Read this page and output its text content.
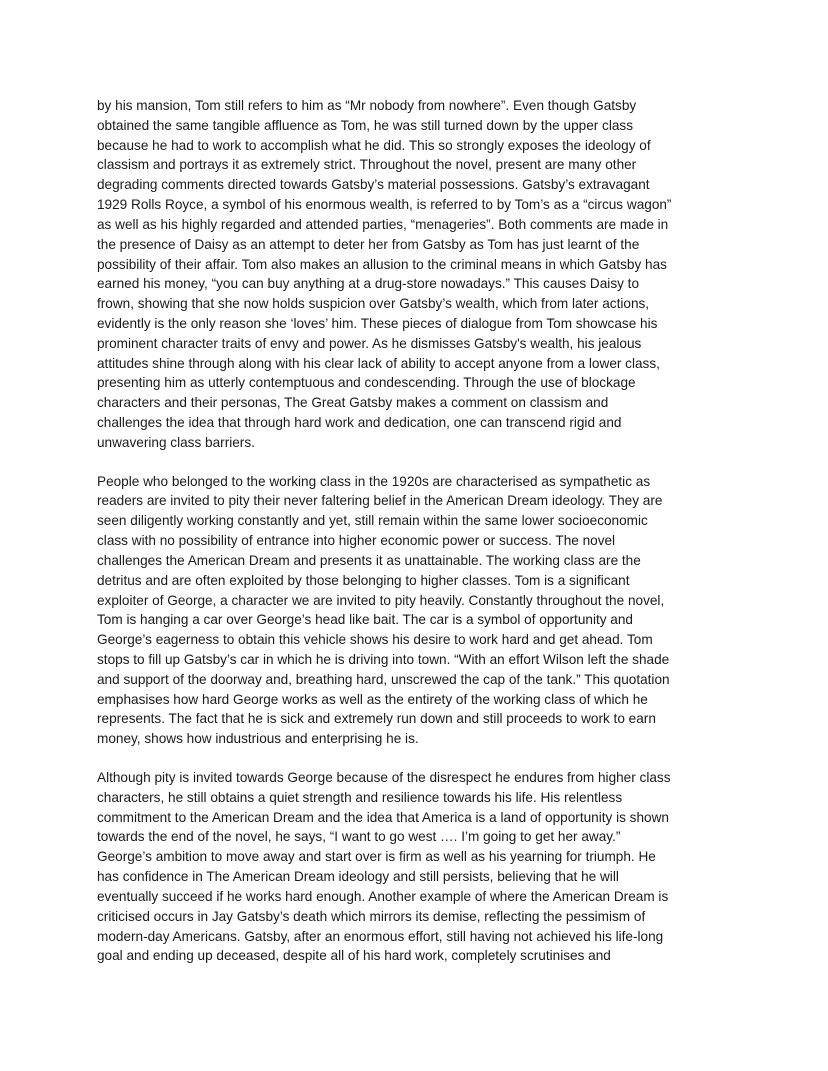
by his mansion, Tom still refers to him as “Mr nobody from nowhere”. Even though Gatsby
obtained the same tangible affluence as Tom, he was still turned down by the upper class
because he had to work to accomplish what he did. This so strongly exposes the ideology of
classism and portrays it as extremely strict. Throughout the novel, present are many other
degrading comments directed towards Gatsby’s material possessions. Gatsby’s extravagant
1929 Rolls Royce, a symbol of his enormous wealth, is referred to by Tom’s as a “circus wagon”
as well as his highly regarded and attended parties, “menageries”. Both comments are made in
the presence of Daisy as an attempt to deter her from Gatsby as Tom has just learnt of the
possibility of their affair. Tom also makes an allusion to the criminal means in which Gatsby has
earned his money, “you can buy anything at a drug-store nowadays.” This causes Daisy to
frown, showing that she now holds suspicion over Gatsby’s wealth, which from later actions,
evidently is the only reason she ‘loves’ him. These pieces of dialogue from Tom showcase his
prominent character traits of envy and power. As he dismisses Gatsby's wealth, his jealous
attitudes shine through along with his clear lack of ability to accept anyone from a lower class,
presenting him as utterly contemptuous and condescending. Through the use of blockage
characters and their personas, The Great Gatsby makes a comment on classism and
challenges the idea that through hard work and dedication, one can transcend rigid and
unwavering class barriers.

People who belonged to the working class in the 1920s are characterised as sympathetic as
readers are invited to pity their never faltering belief in the American Dream ideology. They are
seen diligently working constantly and yet, still remain within the same lower socioeconomic
class with no possibility of entrance into higher economic power or success. The novel
challenges the American Dream and presents it as unattainable. The working class are the
detritus and are often exploited by those belonging to higher classes. Tom is a significant
exploiter of George, a character we are invited to pity heavily. Constantly throughout the novel,
Tom is hanging a car over George’s head like bait. The car is a symbol of opportunity and
George’s eagerness to obtain this vehicle shows his desire to work hard and get ahead. Tom
stops to fill up Gatsby’s car in which he is driving into town. “With an effort Wilson left the shade
and support of the doorway and, breathing hard, unscrewed the cap of the tank.” This quotation
emphasises how hard George works as well as the entirety of the working class of which he
represents. The fact that he is sick and extremely run down and still proceeds to work to earn
money, shows how industrious and enterprising he is.

Although pity is invited towards George because of the disrespect he endures from higher class
characters, he still obtains a quiet strength and resilience towards his life. His relentless
commitment to the American Dream and the idea that America is a land of opportunity is shown
towards the end of the novel, he says, “I want to go west …. I’m going to get her away.”
George’s ambition to move away and start over is firm as well as his yearning for triumph. He
has confidence in The American Dream ideology and still persists, believing that he will
eventually succeed if he works hard enough. Another example of where the American Dream is
criticised occurs in Jay Gatsby’s death which mirrors its demise, reflecting the pessimism of
modern-day Americans. Gatsby, after an enormous effort, still having not achieved his life-long
goal and ending up deceased, despite all of his hard work, completely scrutinises and
